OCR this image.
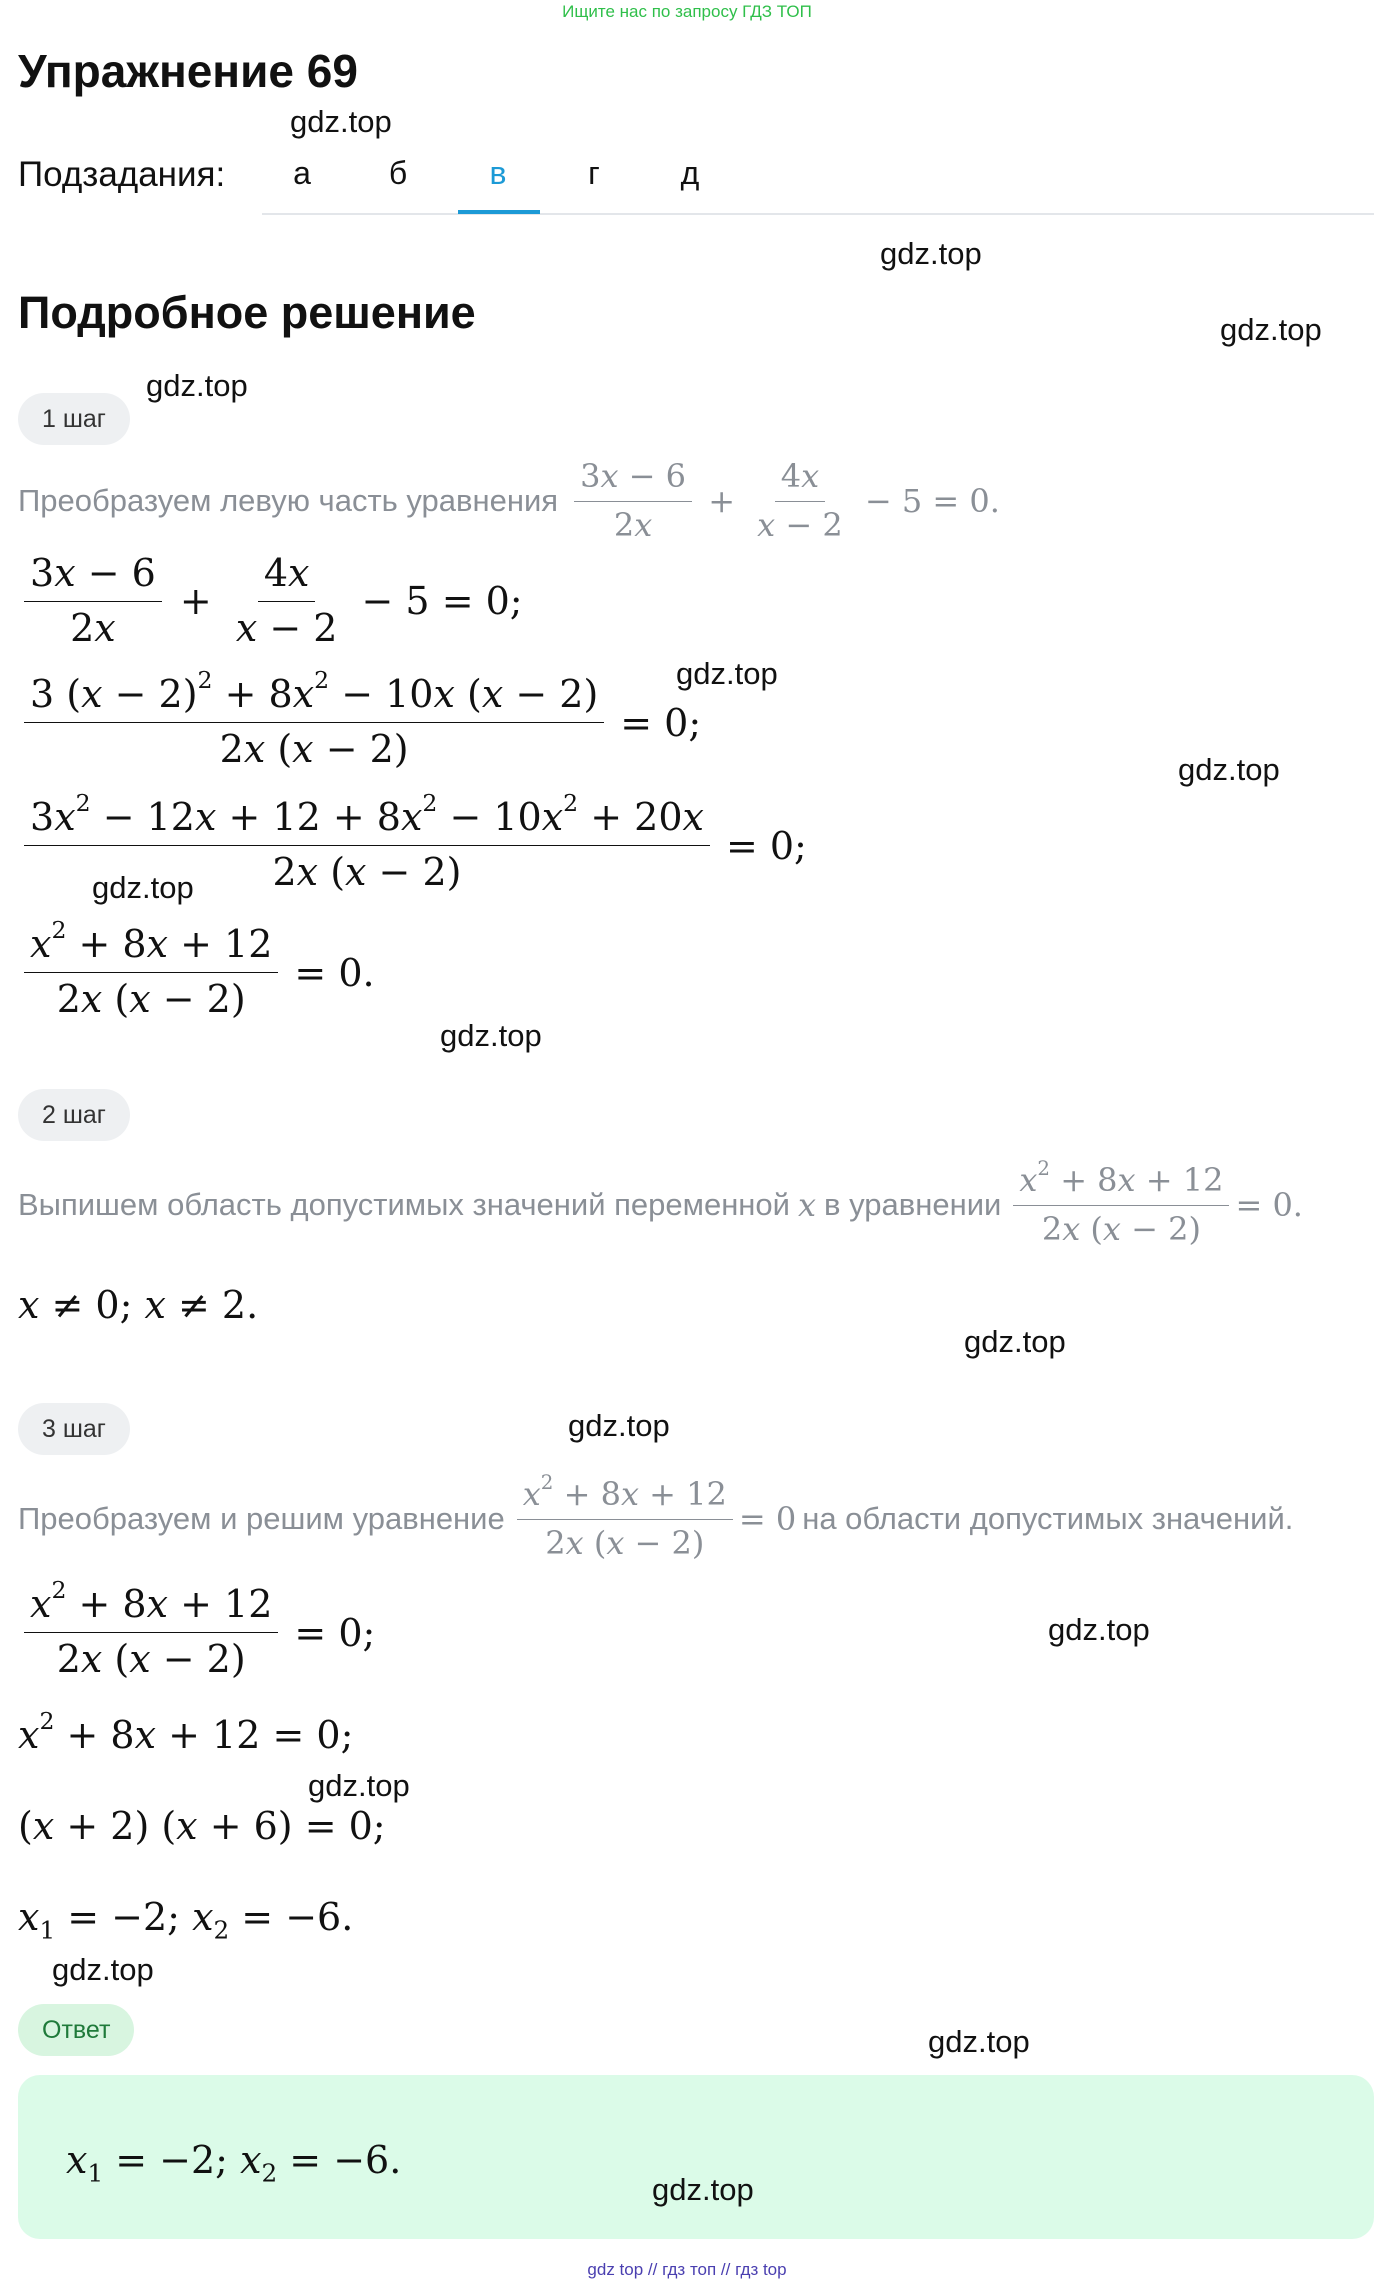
Ищите нас по запросу ГДЗ ТОП
Упражнение 69
Подзадания:	а	б	в	г	д
Подробное решение
1 шаг
Преобразуем левую часть уравнения $\frac{3x - 6}{2x} + \frac{4x}{x - 2} - 5 = 0$.
$\frac{3x - 6}{2x} + \frac{4x}{x - 2} - 5 = 0$;
$\frac{3 (x - 2)^2 + 8x^2 - 10x (x - 2)}{2x (x - 2)} = 0$;
$\frac{3x^2 - 12x + 12 + 8x^2 - 10x^2 + 20x}{2x (x - 2)} = 0$;
$\frac{x^2 + 8x + 12}{2x (x - 2)} = 0$.
2 шаг
Выпишем область допустимых значений переменной x в уравнении $\frac{x^2 + 8x + 12}{2x (x - 2)} = 0$.
x ≠ 0; x ≠ 2.
3 шаг
Преобразуем и решим уравнение $\frac{x^2 + 8x + 12}{2x (x - 2)} = 0$ на области допустимых значений.
$\frac{x^2 + 8x + 12}{2x (x - 2)} = 0$;
$x^2 + 8x + 12 = 0$;
(x + 2) (x + 6) = 0;
$x_1 = -2$; $x_2 = -6$.
Ответ
$x_1 = -2$; $x_2 = -6$.
gdz.top
gdz.top
gdz.top
gdz.top
gdz.top
gdz.top
gdz.top
gdz.top
gdz.top
gdz.top
gdz.top
gdz.top
gdz.top
gdz.top
gdz.top
gdz top // гдз топ // гдз top
